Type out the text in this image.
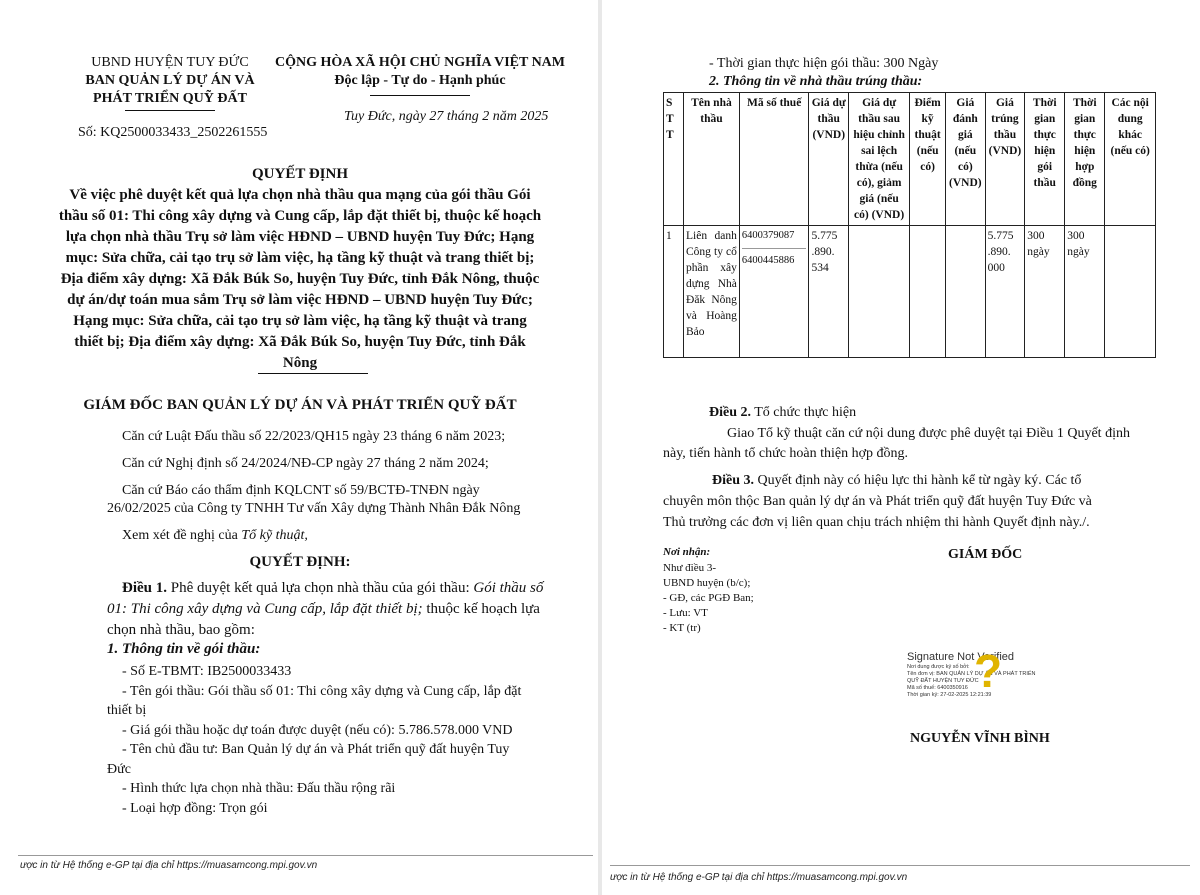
UBND HUYỆN TUY ĐỨC
BAN QUẢN LÝ DỰ ÁN VÀ
PHÁT TRIỂN QUỸ ĐẤT
Số: KQ2500033433_2502261555
CỘNG HÒA XÃ HỘI CHỦ NGHĨA VIỆT NAM
Độc lập - Tự do - Hạnh phúc
Tuy Đức, ngày 27 tháng 2 năm 2025
QUYẾT ĐỊNH
Về việc phê duyệt kết quả lựa chọn nhà thầu qua mạng của gói thầu Gói
thầu số 01: Thi công xây dựng và Cung cấp, lắp đặt thiết bị, thuộc kế hoạch
lựa chọn nhà thầu Trụ sở làm việc HĐND – UBND huyện Tuy Đức; Hạng
mục: Sửa chữa, cải tạo trụ sở làm việc, hạ tầng kỹ thuật và trang thiết bị;
Địa điểm xây dựng: Xã Đắk Búk So, huyện Tuy Đức, tỉnh Đắk Nông, thuộc
dự án/dự toán mua sắm Trụ sở làm việc HĐND – UBND huyện Tuy Đức;
Hạng mục: Sửa chữa, cải tạo trụ sở làm việc, hạ tầng kỹ thuật và trang
thiết bị; Địa điểm xây dựng: Xã Đắk Búk So, huyện Tuy Đức, tỉnh Đắk
Nông
GIÁM ĐỐC BAN QUẢN LÝ DỰ ÁN VÀ PHÁT TRIỂN QUỸ ĐẤT
Căn cứ Luật Đấu thầu số 22/2023/QH15 ngày 23 tháng 6 năm 2023;
Căn cứ Nghị định số 24/2024/NĐ-CP ngày 27 tháng 2 năm 2024;
Căn cứ Báo cáo thẩm định KQLCNT số 59/BCTĐ-TNĐN ngày
26/02/2025 của Công ty TNHH Tư vấn Xây dựng Thành Nhân Đắk Nông
Xem xét đề nghị của Tổ kỹ thuật,
QUYẾT ĐỊNH:
Điều 1. Phê duyệt kết quả lựa chọn nhà thầu của gói thầu: Gói thầu số 01: Thi công xây dựng và Cung cấp, lắp đặt thiết bị; thuộc kế hoạch lựa chọn nhà thầu, bao gồm:
1. Thông tin về gói thầu:
- Số E-TBMT: IB2500033433
- Tên gói thầu: Gói thầu số 01: Thi công xây dựng và Cung cấp, lắp đặt
thiết bị
- Giá gói thầu hoặc dự toán được duyệt (nếu có): 5.786.578.000 VND
- Tên chủ đầu tư: Ban Quản lý dự án và Phát triển quỹ đất huyện Tuy
Đức
- Hình thức lựa chọn nhà thầu: Đấu thầu rộng rãi
- Loại hợp đồng: Trọn gói
ược in từ Hệ thống e-GP tại địa chỉ https://muasamcong.mpi.gov.vn
- Thời gian thực hiện gói thầu: 300 Ngày
2. Thông tin về nhà thầu trúng thầu:
S
T
T	Tên nhà thầu	Mã số thuế	Giá dự thầu (VND)	Giá dự thầu sau hiệu chỉnh sai lệch thừa (nếu có), giảm giá (nếu có) (VND)	Điểm kỹ thuật (nếu có)	Giá đánh giá (nếu có) (VND)	Giá trúng thầu (VND)	Thời gian thực hiện gói thầu	Thời gian thực hiện hợp đồng	Các nội dung khác (nếu có)
1	Liên danh Công ty cổ phần xây dựng Nhà Đăk Nông và Hoàng Bảo	6400379087
6400445886	5.775 .890. 534				5.775 .890. 000	300 ngày	300 ngày	
Điều 2. Tổ chức thực hiện
Giao Tổ kỹ thuật căn cứ nội dung được phê duyệt tại Điều 1 Quyết định
này, tiến hành tổ chức hoàn thiện hợp đồng.
Điều 3. Quyết định này có hiệu lực thi hành kể từ ngày ký. Các tổ
chuyên môn thộc Ban quản lý dự án và Phát triển quỹ đất huyện Tuy Đức và
Thủ trưởng các đơn vị liên quan chịu trách nhiệm thi hành Quyết định này./.
Nơi nhận:
Như điều 3-
UBND huyện (b/c);
- GĐ, các PGĐ Ban;
- Lưu: VT
- KT (tr)
GIÁM ĐỐC
Signature Not Verified
Nơi dung được ký số bởi:
Tên đơn vị: BAN QUẢN LÝ DỰ ÁN VÀ PHÁT TRIỂN
QUỸ ĐẤT HUYỆN TUY ĐỨC
Mã số thuế: 6400350916
Thời gian ký: 27-02-2025 12:21:39
?
NGUYỄN VĨNH BÌNH
ược in từ Hệ thống e-GP tại địa chỉ https://muasamcong.mpi.gov.vn
